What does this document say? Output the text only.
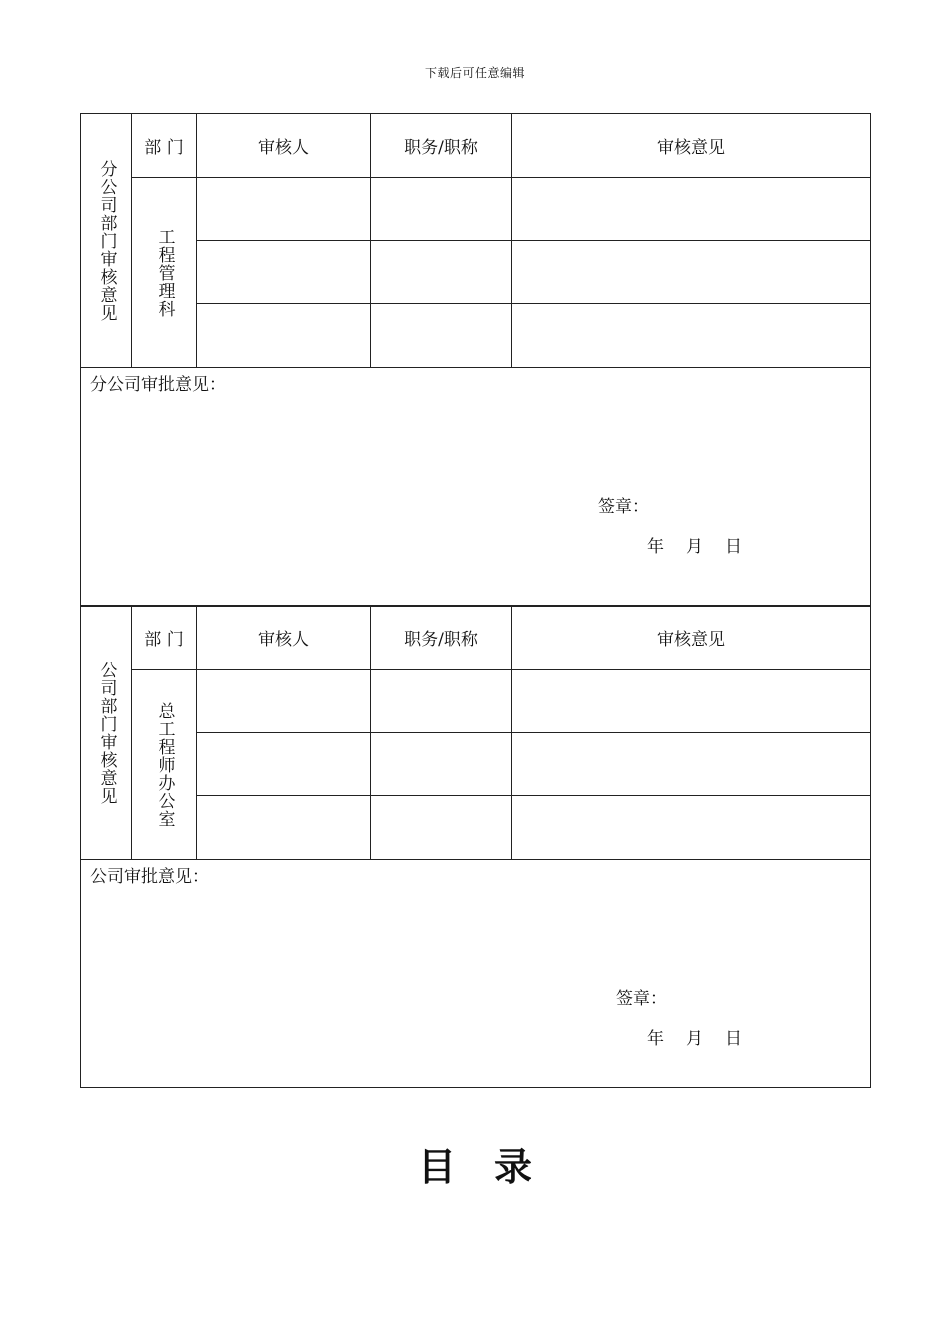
下载后可任意编辑
分公司部门审核意见	部 门	审核人	职务/职称	审核意见

	工程管理科			

分公司审批意见：
签章：
年 月 日				
公司部门审核意见	部 门	审核人	职务/职称	审核意见

	总工程师办公室			

公司审批意见：
签章：
年 月 日				
目录
